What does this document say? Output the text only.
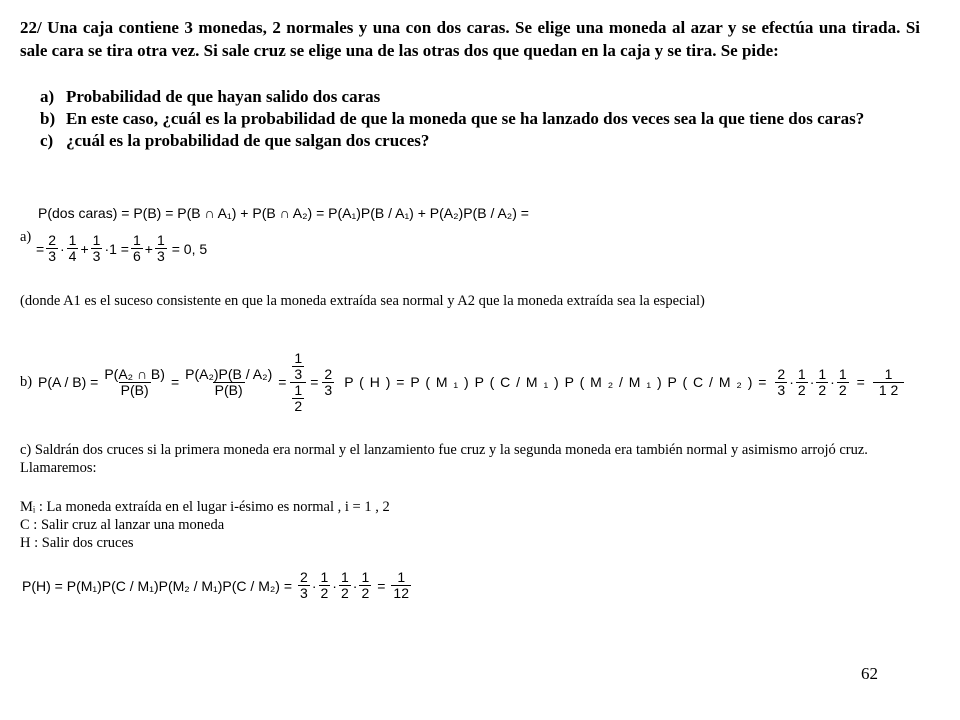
22/ Una caja contiene 3 monedas, 2 normales y una con dos caras. Se elige una moneda al azar y se efectúa una tirada. Si sale cara se tira otra vez. Si sale cruz se elige una de las otras dos que quedan en la caja y se tira. Se pide:
a) Probabilidad de que hayan salido dos caras
b) En este caso, ¿cuál es la probabilidad de que la moneda que se ha lanzado dos veces sea la que tiene dos caras?
c) ¿cuál es la probabilidad de que salgan dos cruces?
P(dos caras) = P(B) = P(B ∩ A₁) + P(B ∩ A₂) = P(A₁)P(B / A₁) + P(A₂)P(B / A₂) =
a)
= $\frac{2}{3} \cdot \frac{1}{4} + \frac{1}{3} \cdot 1 = \frac{1}{6} + \frac{1}{3} = 0$, 5
(donde A1 es el suceso consistente en que la moneda extraída sea normal y A2 que la moneda extraída sea la especial)
b) $P(A / B) = \frac{\text{P(A₂ ∩ B)}}{P(B)} = \frac{\text{P(A₂)P(B / A₂)}}{P(B)} = \frac{\frac{1}{3}}{\frac{1}{2}} = \frac{2}{3}$ P ( H ) = P ( M ₁ ) P ( C / M ₁ ) P ( M ₂ / M ₁ ) P ( C / M ₂ ) = $\frac{2}{3} \cdot \frac{1}{2} \cdot \frac{1}{2} \cdot \frac{1}{2} = \frac{1}{1 2}$
c) Saldrán dos cruces si la primera moneda era normal y el lanzamiento fue cruz y la segunda moneda era también normal y asimismo arrojó cruz. Llamaremos:
Mᵢ : La moneda extraída en el lugar i-ésimo es normal , i = 1 , 2
C : Salir cruz al lanzar una moneda
H : Salir dos cruces
$P(H) = P(M_1)P(C / M_1)P(M_2 / M_1)P(C / M_2) = \frac{2}{3} \cdot \frac{1}{2} \cdot \frac{1}{2} \cdot \frac{1}{2} = \frac{1}{12}$
62
